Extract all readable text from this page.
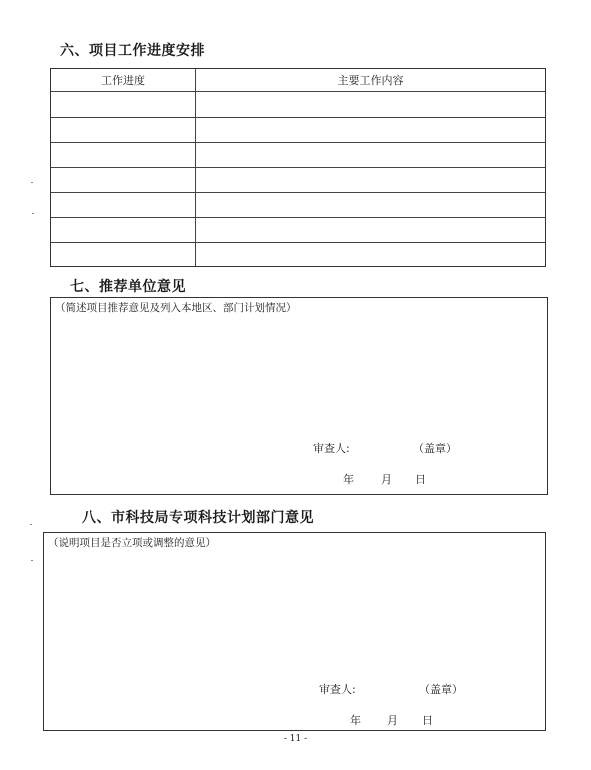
六、项目工作进度安排
工作进度	主要工作内容
七、推荐单位意见
（简述项目推荐意见及列入本地区、部门计划情况）
审查人:	（盖章）
年 月 日
八、市科技局专项科技计划部门意见
（说明项目是否立项或调整的意见）
审查人:	（盖章）
年 月 日
- 11 -
